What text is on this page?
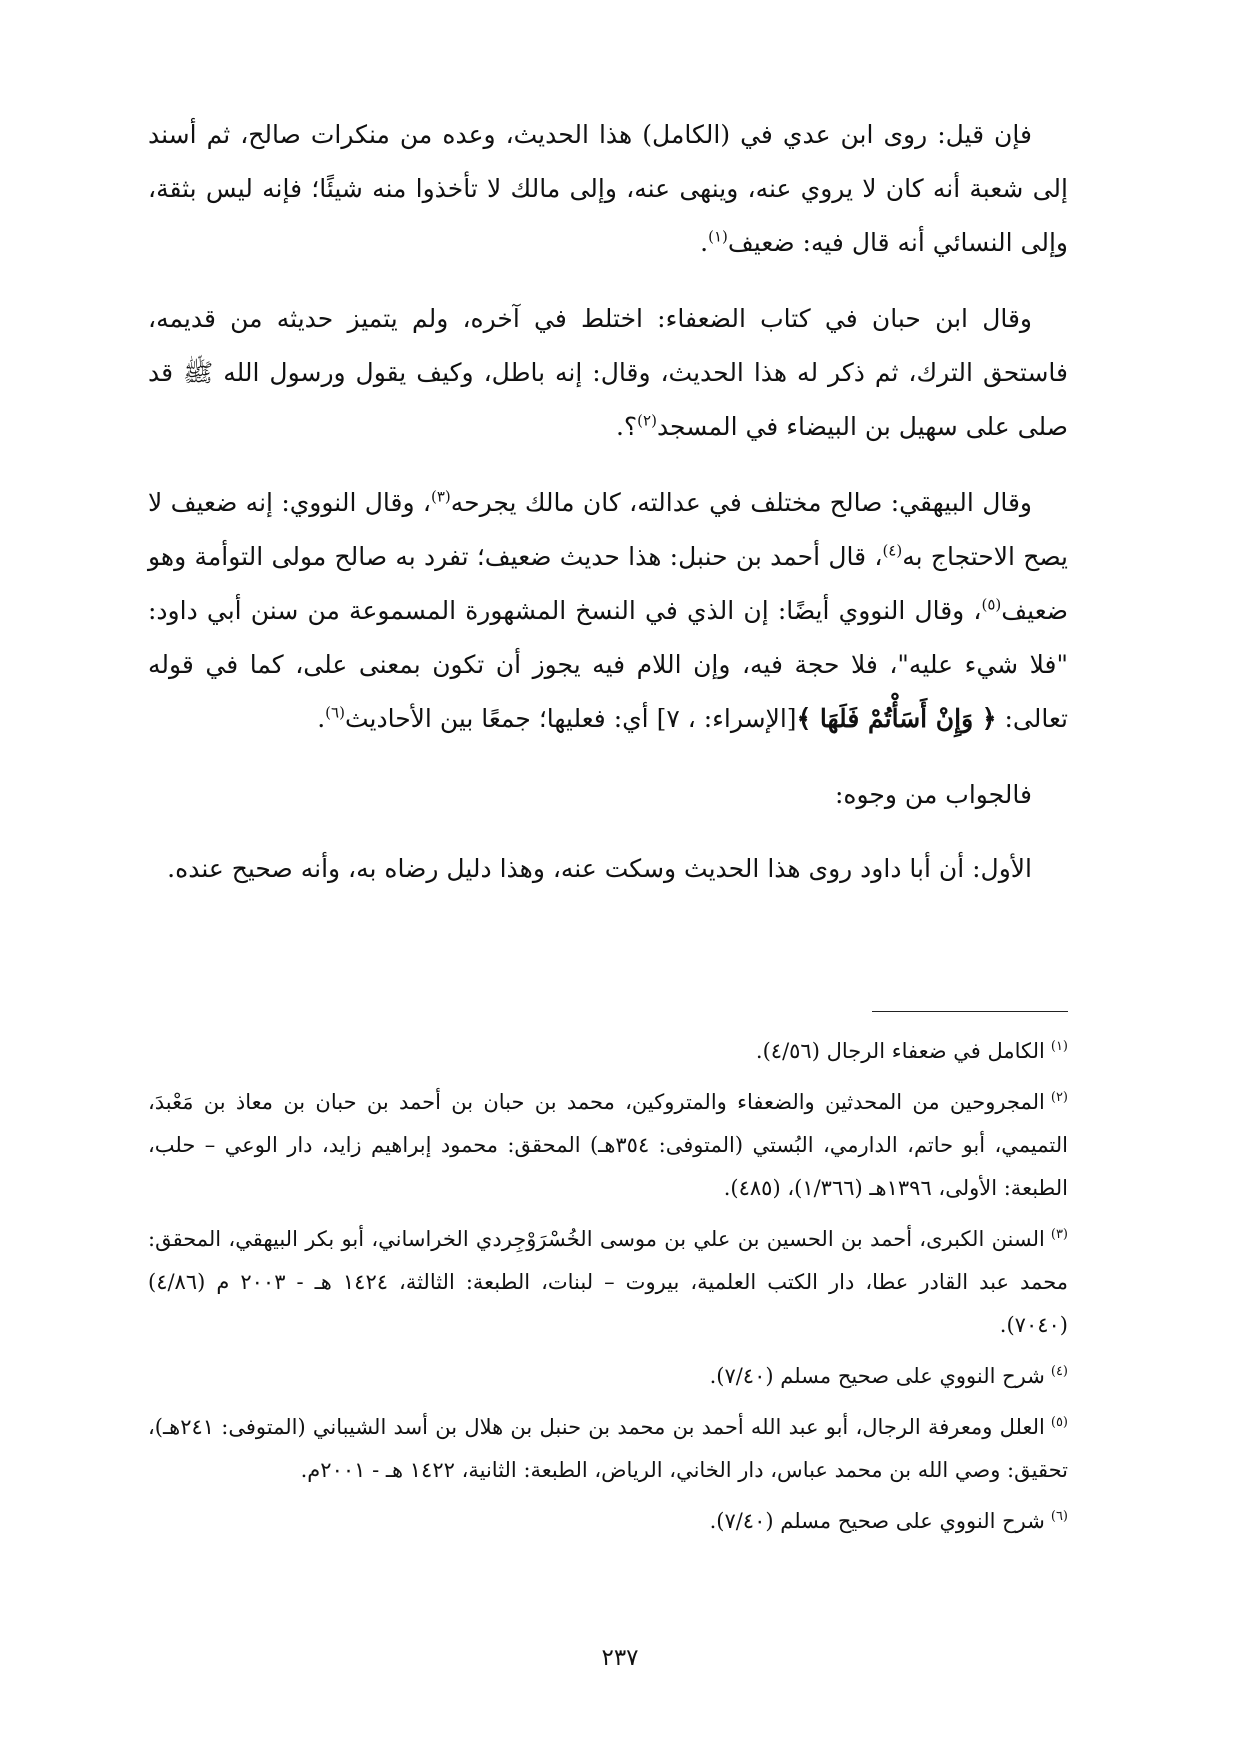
فإن قيل: روى ابن عدي في (الكامل) هذا الحديث، وعده من منكرات صالح، ثم أسند إلى شعبة أنه كان لا يروي عنه، وينهى عنه، وإلى مالك لا تأخذوا منه شيئًا؛ فإنه ليس بثقة، وإلى النسائي أنه قال فيه: ضعيف$^{(١)}$.

وقال ابن حبان في كتاب الضعفاء: اختلط في آخره، ولم يتميز حديثه من قديمه، فاستحق الترك، ثم ذكر له هذا الحديث، وقال: إنه باطل، وكيف يقول ورسول الله ﷺ قد صلى على سهيل بن البيضاء في المسجد$^{(٢)}$؟.

وقال البيهقي: صالح مختلف في عدالته، كان مالك يجرحه$^{(٣)}$، وقال النووي: إنه ضعيف لا يصح الاحتجاج به$^{(٤)}$، قال أحمد بن حنبل: هذا حديث ضعيف؛ تفرد به صالح مولى التوأمة وهو ضعيف$^{(٥)}$، وقال النووي أيضًا: إن الذي في النسخ المشهورة المسموعة من سنن أبي داود: "فلا شيء عليه"، فلا حجة فيه، وإن اللام فيه يجوز أن تكون بمعنى على، كما في قوله تعالى: ﴿ وَإِنْ أَسَأْتُمْ فَلَهَا ﴾[الإسراء: ، ٧] أي: فعليها؛ جمعًا بين الأحاديث$^{(٦)}$.

فالجواب من وجوه:

الأول: أن أبا داود روى هذا الحديث وسكت عنه، وهذا دليل رضاه به، وأنه صحيح عنده.

$^{(١)}$الكامل في ضعفاء الرجال (٤/٥٦).

$^{(٢)}$المجروحين من المحدثين والضعفاء والمتروكين، محمد بن حبان بن أحمد بن حبان بن معاذ بن مَعْبدَ، التميمي، أبو حاتم، الدارمي، البُستي (المتوفى: ٣٥٤هـ) المحقق: محمود إبراهيم زايد، دار الوعي – حلب، الطبعة: الأولى، ١٣٩٦هـ (١/٣٦٦)، (٤٨٥).

$^{(٣)}$السنن الكبرى، أحمد بن الحسين بن علي بن موسى الخُسْرَوْجِردي الخراساني، أبو بكر البيهقي، المحقق: محمد عبد القادر عطا، دار الكتب العلمية، بيروت – لبنات، الطبعة: الثالثة، ١٤٢٤ هـ - ٢٠٠٣ م (٤/٨٦) (٧٠٤٠).

$^{(٤)}$شرح النووي على صحيح مسلم (٧/٤٠).

$^{(٥)}$العلل ومعرفة الرجال، أبو عبد الله أحمد بن محمد بن حنبل بن هلال بن أسد الشيباني (المتوفى: ٢٤١هـ)، تحقيق: وصي الله بن محمد عباس، دار الخاني، الرياض، الطبعة: الثانية، ١٤٢٢ هـ - ٢٠٠١م.

$^{(٦)}$شرح النووي على صحيح مسلم (٧/٤٠).

٢٣٧
